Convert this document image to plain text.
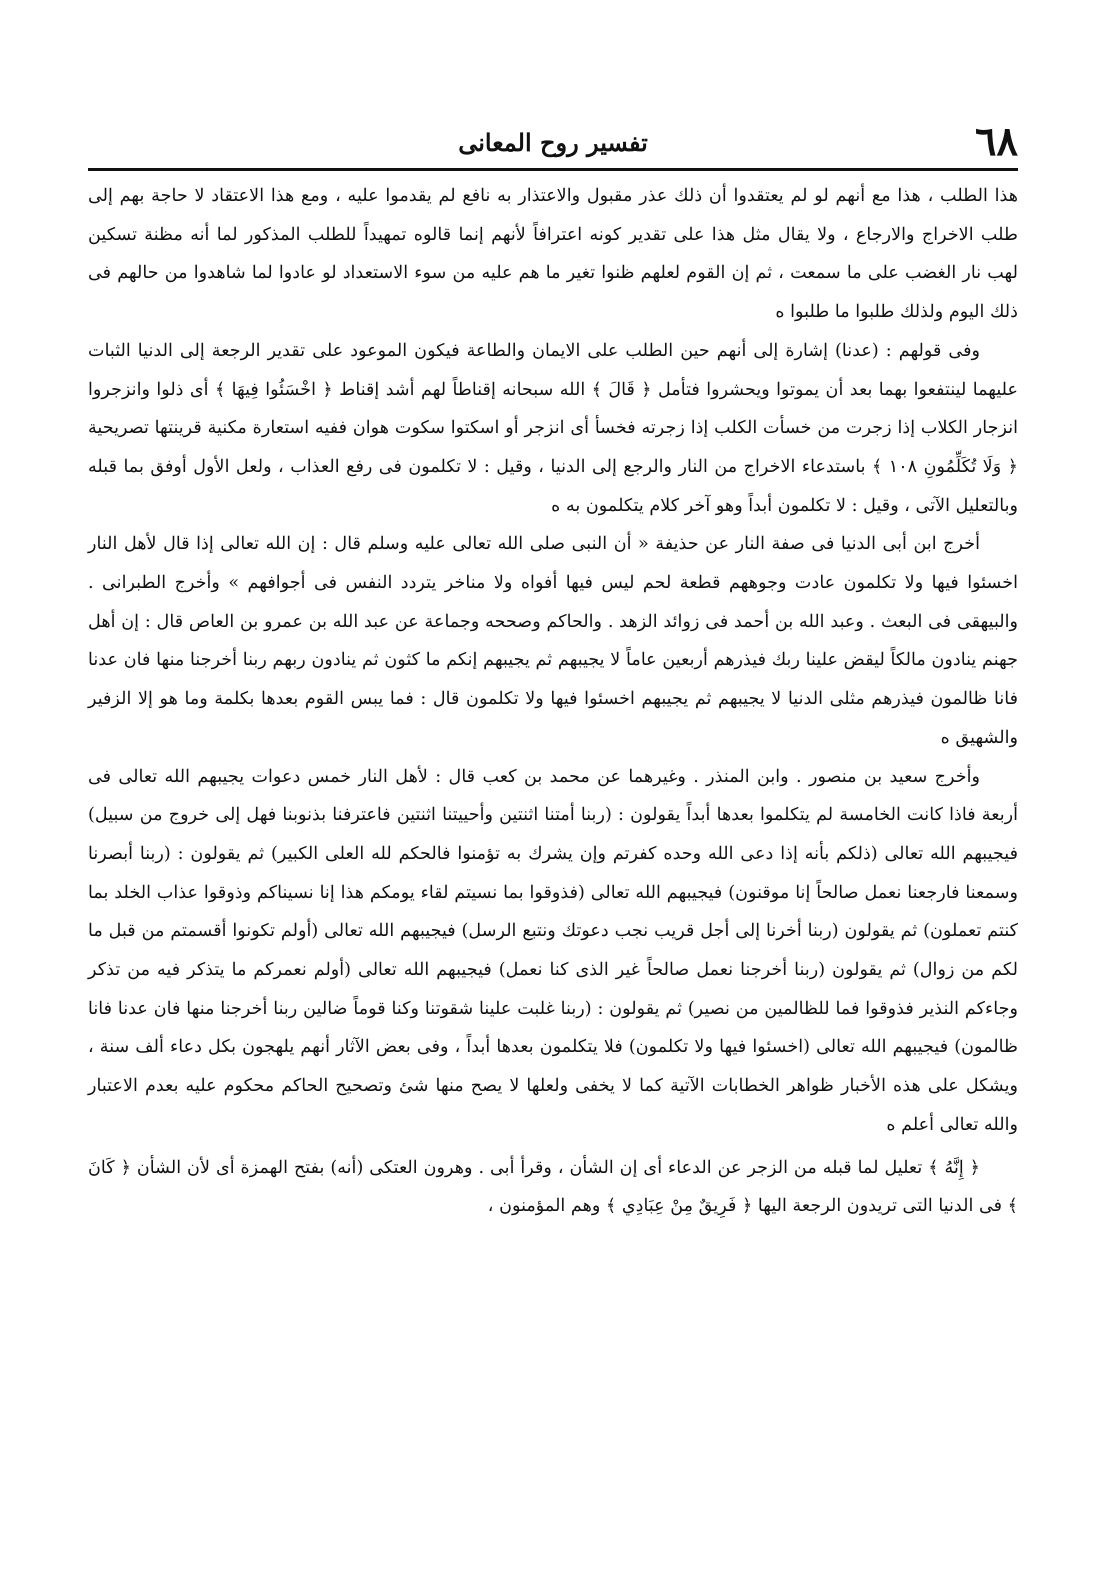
٦٨
تفسير روح المعانى

هذا الطلب ، هذا مع أنهم لو لم يعتقدوا أن ذلك عذر مقبول والاعتذار به نافع لم يقدموا عليه ، ومع هذا الاعتقاد لا حاجة بهم إلى طلب الاخراج والارجاع ، ولا يقال مثل هذا على تقدير كونه اعترافاً لأنهم إنما قالوه تمهيداً للطلب المذكور لما أنه مظنة تسكين لهب نار الغضب على ما سمعت ، ثم إن القوم لعلهم ظنوا تغير ما هم عليه من سوء الاستعداد لو عادوا لما شاهدوا من حالهم فى ذلك اليوم ولذلك طلبوا ما طلبوا ه

وفى قولهم : (عدنا) إشارة إلى أنهم حين الطلب على الايمان والطاعة فيكون الموعود على تقدير الرجعة إلى الدنيا الثبات عليهما لينتفعوا بهما بعد أن يموتوا ويحشروا فتأمل ﴿ قَالَ ﴾ الله سبحانه إقناطاً لهم أشد إقناط ﴿ اخْسَئُوا فِيهَا ﴾ أى ذلوا وانزجروا انزجار الكلاب إذا زجرت من خسأت الكلب إذا زجرته فخسأ أى انزجر أو اسكتوا سكوت هوان ففيه استعارة مكنية قرينتها تصريحية ﴿ وَلَا تُكَلِّمُونِ ١٠٨ ﴾ باستدعاء الاخراج من النار والرجع إلى الدنيا ، وقيل : لا تكلمون فى رفع العذاب ، ولعل الأول أوفق بما قبله وبالتعليل الآتى ، وقيل : لا تكلمون أبداً وهو آخر كلام يتكلمون به ه

أخرج ابن أبى الدنيا فى صفة النار عن حذيفة « أن النبى صلى الله تعالى عليه وسلم قال : إن الله تعالى إذا قال لأهل النار اخسئوا فيها ولا تكلمون عادت وجوههم قطعة لحم ليس فيها أفواه ولا مناخر يتردد النفس فى أجوافهم » وأخرج الطبرانى . والبيهقى فى البعث . وعبد الله بن أحمد فى زوائد الزهد . والحاكم وصححه وجماعة عن عبد الله بن عمرو بن العاص قال : إن أهل جهنم ينادون مالكاً ليقض علينا ربك فيذرهم أربعين عاماً لا يجيبهم ثم يجيبهم إنكم ما كثون ثم ينادون ربهم ربنا أخرجنا منها فان عدنا فانا ظالمون فيذرهم مثلى الدنيا لا يجيبهم ثم يجيبهم اخسئوا فيها ولا تكلمون قال : فما يبس القوم بعدها بكلمة وما هو إلا الزفير والشهيق ه

وأخرج سعيد بن منصور . وابن المنذر . وغيرهما عن محمد بن كعب قال : لأهل النار خمس دعوات يجيبهم الله تعالى فى أربعة فاذا كانت الخامسة لم يتكلموا بعدها أبداً يقولون : (ربنا أمتنا اثنتين وأحييتنا اثنتين فاعترفنا بذنوبنا فهل إلى خروج من سبيل) فيجيبهم الله تعالى (ذلكم بأنه إذا دعى الله وحده كفرتم وإن يشرك به تؤمنوا فالحكم لله العلى الكبير) ثم يقولون : (ربنا أبصرنا وسمعنا فارجعنا نعمل صالحاً إنا موقنون) فيجيبهم الله تعالى (فذوقوا بما نسيتم لقاء يومكم هذا إنا نسيناكم وذوقوا عذاب الخلد بما كنتم تعملون) ثم يقولون (ربنا أخرنا إلى أجل قريب نجب دعوتك ونتبع الرسل) فيجيبهم الله تعالى (أولم تكونوا أقسمتم من قبل ما لكم من زوال) ثم يقولون (ربنا أخرجنا نعمل صالحاً غير الذى كنا نعمل) فيجيبهم الله تعالى (أولم نعمركم ما يتذكر فيه من تذكر وجاءكم النذير فذوقوا فما للظالمين من نصير) ثم يقولون : (ربنا غلبت علينا شقوتنا وكنا قوماً ضالين ربنا أخرجنا منها فان عدنا فانا ظالمون) فيجيبهم الله تعالى (اخسئوا فيها ولا تكلمون) فلا يتكلمون بعدها أبداً ، وفى بعض الآثار أنهم يلهجون بكل دعاء ألف سنة ، ويشكل على هذه الأخبار ظواهر الخطابات الآتية كما لا يخفى ولعلها لا يصح منها شئ وتصحيح الحاكم محكوم عليه بعدم الاعتبار والله تعالى أعلم ه

﴿ إِنَّهُ ﴾ تعليل لما قبله من الزجر عن الدعاء أى إن الشأن ، وقرأ أبى . وهرون العتكى (أنه) بفتح الهمزة أى لأن الشأن ﴿ كَانَ ﴾ فى الدنيا التى تريدون الرجعة اليها ﴿ فَرِيقٌ مِنْ عِبَادِي ﴾ وهم المؤمنون ،
